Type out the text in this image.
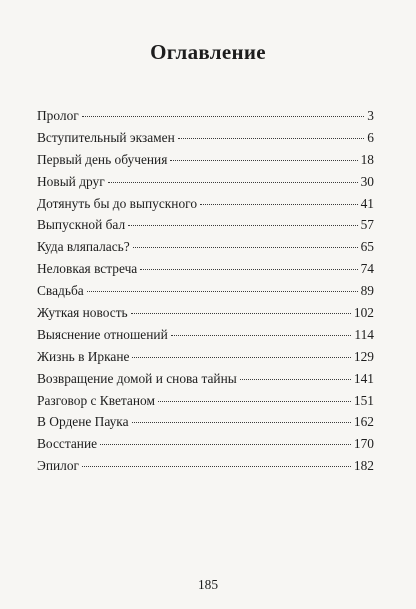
Оглавление
Пролог	3
Вступительный экзамен	6
Первый день обучения	18
Новый друг	30
Дотянуть бы до выпускного	41
Выпускной бал	57
Куда вляпалась?	65
Неловкая встреча	74
Свадьба	89
Жуткая новость	102
Выяснение отношений	114
Жизнь в Иркане	129
Возвращение домой и снова тайны	141
Разговор с Кветаном	151
В Ордене Паука	162
Восстание	170
Эпилог	182
185
